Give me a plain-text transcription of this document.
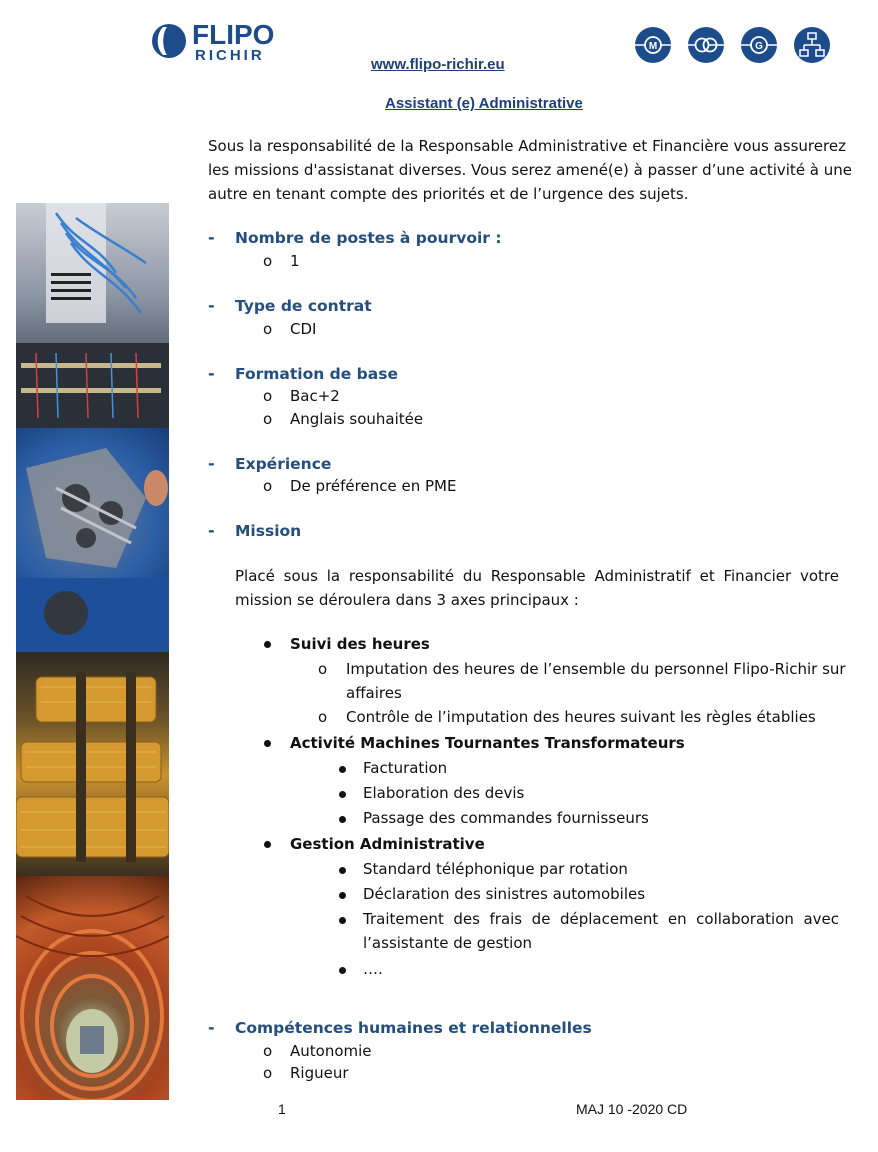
FLIPO
RICHIR
www.flipo-richir.eu
M	G
Assistant (e) Administrative
Sous la responsabilité de la Responsable Administrative et Financière vous assurerez
les missions d'assistanat diverses. Vous serez amené(e) à passer d’une activité à une
autre en tenant compte des priorités et de l’urgence des sujets.
- Nombre de postes à pourvoir :
o 1
- Type de contrat
o CDI
- Formation de base
o Bac+2
o Anglais souhaitée
- Expérience
o De préférence en PME
- Mission
Placé sous la responsabilité du Responsable Administratif et Financier votre
mission se déroulera dans 3 axes principaux :
Suivi des heures
o Imputation des heures de l’ensemble du personnel Flipo-Richir sur
affaires
o Contrôle de l’imputation des heures suivant les règles établies
Activité Machines Tournantes Transformateurs
Facturation
Elaboration des devis
Passage des commandes fournisseurs
Gestion Administrative
Standard téléphonique par rotation
Déclaration des sinistres automobiles
Traitement des frais de déplacement en collaboration avec
l’assistante de gestion
….
- Compétences humaines et relationnelles
o Autonomie
o Rigueur
1	MAJ 10 -2020 CD
